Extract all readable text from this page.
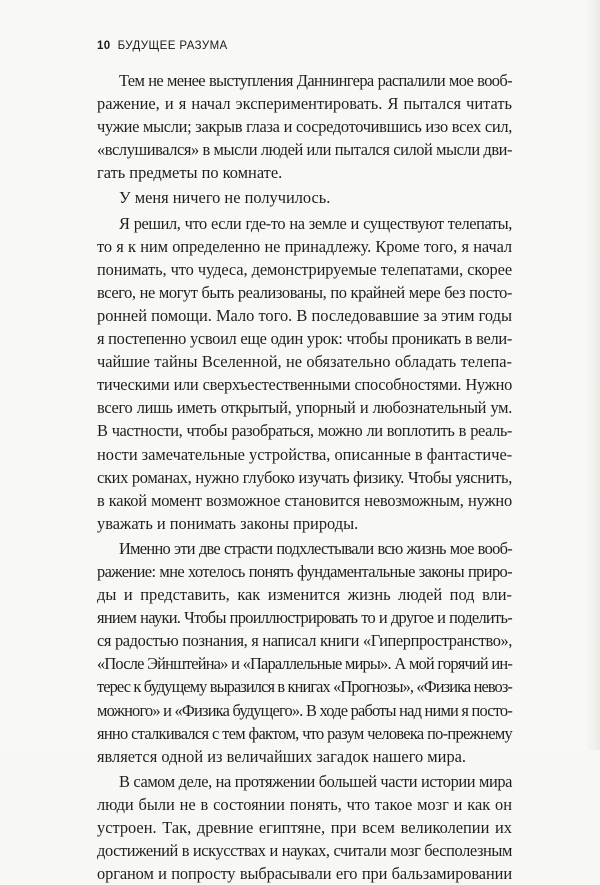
10 БУДУЩЕЕ РАЗУМА
Тем не менее выступления Даннингера распалили мое вооб-
ражение, и я начал экспериментировать. Я пытался читать
чужие мысли; закрыв глаза и сосредоточившись изо всех сил,
«вслушивался» в мысли людей или пытался силой мысли дви-
гать предметы по комнате.
У меня ничего не получилось.
Я решил, что если где-то на земле и существуют телепаты,
то я к ним определенно не принадлежу. Кроме того, я начал
понимать, что чудеса, демонстрируемые телепатами, скорее
всего, не могут быть реализованы, по крайней мере без посто-
ронней помощи. Мало того. В последовавшие за этим годы
я постепенно усвоил еще один урок: чтобы проникать в вели-
чайшие тайны Вселенной, не обязательно обладать телепа-
тическими или сверхъестественными способностями. Нужно
всего лишь иметь открытый, упорный и любознательный ум.
В частности, чтобы разобраться, можно ли воплотить в реаль-
ности замечательные устройства, описанные в фантастиче-
ских романах, нужно глубоко изучать физику. Чтобы уяснить,
в какой момент возможное становится невозможным, нужно
уважать и понимать законы природы.
Именно эти две страсти подхлестывали всю жизнь мое вооб-
ражение: мне хотелось понять фундаментальные законы приро-
ды и представить, как изменится жизнь людей под вли-
янием науки. Чтобы проиллюстрировать то и другое и поделить-
ся радостью познания, я написал книги «Гиперпространство»,
«После Эйнштейна» и «Параллельные миры». А мой горячий ин-
терес к будущему выразился в книгах «Прогнозы», «Физика невоз-
можного» и «Физика будущего». В ходе работы над ними я посто-
янно сталкивался с тем фактом, что разум человека по-прежнему
является одной из величайших загадок нашего мира.
В самом деле, на протяжении большей части истории мира
люди были не в состоянии понять, что такое мозг и как он
устроен. Так, древние египтяне, при всем великолепии их
достижений в искусствах и науках, считали мозг бесполезным
органом и попросту выбрасывали его при бальзамировании
